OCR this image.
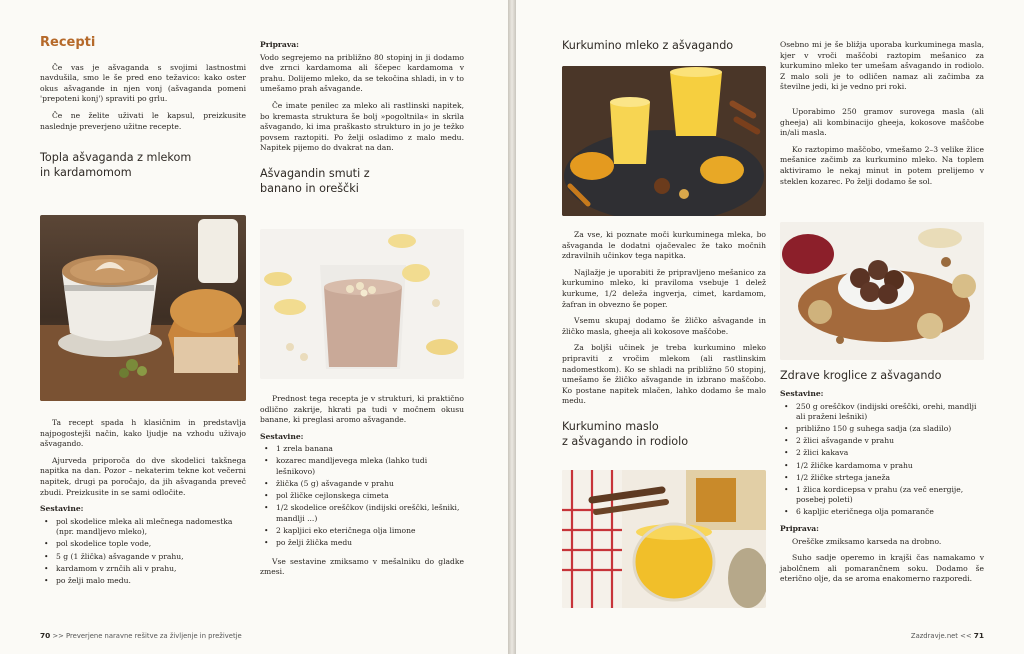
Recepti

Če vas je ašvaganda s svojimi lastnostmi navdušila, smo le še pred eno težavico: kako oster okus ašvagande in njen vonj (ašvaganda pomeni 'prepoteni konj') spraviti po grlu.

Če ne želite uživati le kapsul, preizkusite naslednje preverjeno užitne recepte.

Topla ašvaganda z mlekom
in kardamomom

Ta recept spada h klasičnim in predstavlja najpogostejši način, kako ljudje na vzhodu uživajo ašvagando.

Ajurveda priporoča do dve skodelici takšnega napitka na dan. Pozor – nekaterim tekne kot večerni napitek, drugi pa poročajo, da jih ašvaganda preveč zbudi. Preizkusite in se sami odločite.

Sestavine:
• pol skodelice mleka ali mlečnega nadomestka (npr. mandljevo mleko),
• pol skodelice tople vode,
• 5 g (1 žlička) ašvagande v prahu,
• kardamom v zrnčih ali v prahu,
• po želji malo medu.
Priprava:

Vodo segrejemo na približno 80 stopinj in ji dodamo dve zrnci kardamoma ali ščepec kardamoma v prahu. Dolijemo mleko, da se tekočina shladi, in v to umešamo prah ašvagande.

Če imate penilec za mleko ali rastlinski napitek, bo kremasta struktura še bolj »pogoltnila« in skrila ašvagando, ki ima praškasto strukturo in jo je težko povsem raztopiti. Po želji osladimo z malo medu. Napitek pijemo do dvakrat na dan.

Ašvagandin smuti z
banano in oreščki

Prednost tega recepta je v strukturi, ki praktično odlično zakrije, hkrati pa tudi v močnem okusu banane, ki preglasi aromo ašvagande.

Sestavine:
• 1 zrela banana
• kozarec mandljevega mleka (lahko tudi lešnikovo)
• žlička (5 g) ašvagande v prahu
• pol žličke cejlonskega cimeta
• 1/2 skodelice oreščkov (indijski oreščki, lešniki, mandlji ...)
• 2 kapljici eko eteričnega olja limone
• po želji žlička medu

Vse sestavine zmiksamo v mešalniku do gladke zmesi.

70 >> Preverjene naravne rešitve za življenje in preživetje
Kurkumino mleko z ašvagando

Za vse, ki poznate moči kurkuminega mleka, bo ašvaganda le dodatni ojačevalec že tako močnih zdravilnih učinkov tega napitka.

Najlažje je uporabiti že pripravljeno mešanico za kurkumino mleko, ki praviloma vsebuje 1 delež kurkume, 1/2 deleža ingverja, cimet, kardamom, žafran in obvezno še poper.

Vsemu skupaj dodamo še žličko ašvagande in žličko masla, gheeja ali kokosove maščobe.

Za boljši učinek je treba kurkumino mleko pripraviti z vročim mlekom (ali rastlinskim nadomestkom). Ko se shladi na približno 50 stopinj, umešamo še žličko ašvagande in izbrano maščobo. Ko postane napitek mlačen, lahko dodamo še malo medu.

Kurkumino maslo
z ašvagando in rodiolo

Osebno mi je še bližja uporaba kurkuminega masla, kjer v vroči maščobi raztopim mešanico za kurkumino mleko ter umešam ašvagando in rodiolo. Z malo soli je to odličen namaz ali začimba za številne jedi, ki je vedno pri roki.

Uporabimo 250 gramov surovega masla (ali gheeja) ali kombinacijo gheeja, kokosove maščobe in/ali masla.

Ko raztopimo maščobo, vmešamo 2–3 velike žlice mešanice začimb za kurkumino mleko. Na toplem aktiviramo le nekaj minut in potem prelijemo v steklen kozarec. Po želji dodamo še sol.

Zdrave kroglice z ašvagando
Sestavine:
• 250 g oreščkov (indijski oreščki, orehi, mandlji ali praženi lešniki)
• približno 150 g suhega sadja (za sladilo)
• 2 žlici ašvagande v prahu
• 2 žlici kakava
• 1/2 žličke kardamoma v prahu
• 1/2 žličke strtega janeža
• 1 žlica kordicepsa v prahu (za več energije, posebej poleti)
• 6 kapljic eteričnega olja pomaranče
Priprava:

Oreščke zmiksamo karseda na drobno.

Suho sadje operemo in krajši čas namakamo v jabolčnem ali pomarančnem soku. Dodamo še eterično olje, da se aroma enakomerno razporedi.

Zazdravje.net << 71
